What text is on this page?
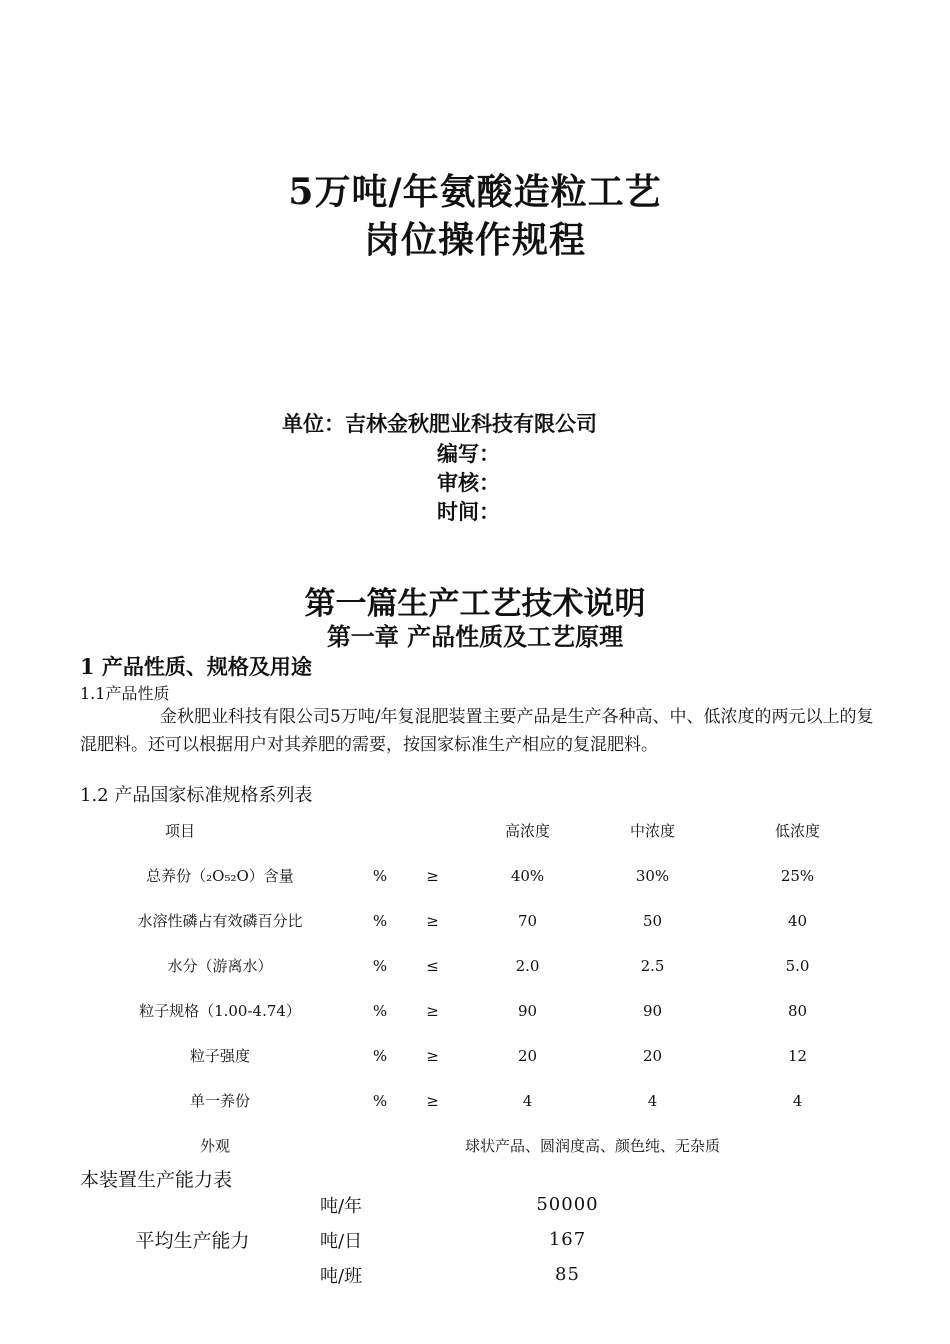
5万吨/年氨酸造粒工艺
岗位操作规程
单位：吉林金秋肥业科技有限公司
编写：
审核：
时间：
第一篇生产工艺技术说明
第一章 产品性质及工艺原理
1 产品性质、规格及用途
1.1产品性质
金秋肥业科技有限公司5万吨/年复混肥装置主要产品是生产各种高、中、低浓度的两元以上的复混肥料。还可以根据用户对其养肥的需要，按国家标准生产相应的复混肥料。
1.2 产品国家标准规格系列表
项目			高浓度	中浓度	低浓度
总养份（₂O₅₂O）含量	%	≥	40%	30%	25%
水溶性磷占有效磷百分比	%	≥	70	50	40
水分（游离水）	%	≤	2.0	2.5	5.0
粒子规格（1.00-4.74）	%	≥	90	90	80
粒子强度	%	≥	20	20	12
单一养份	%	≥	4	4	4
外观	球状产品、圆润度高、颜色纯、无杂质				
本装置生产能力表
平均生产能力	吨/年	50000
	吨/日	167
	吨/班	85
